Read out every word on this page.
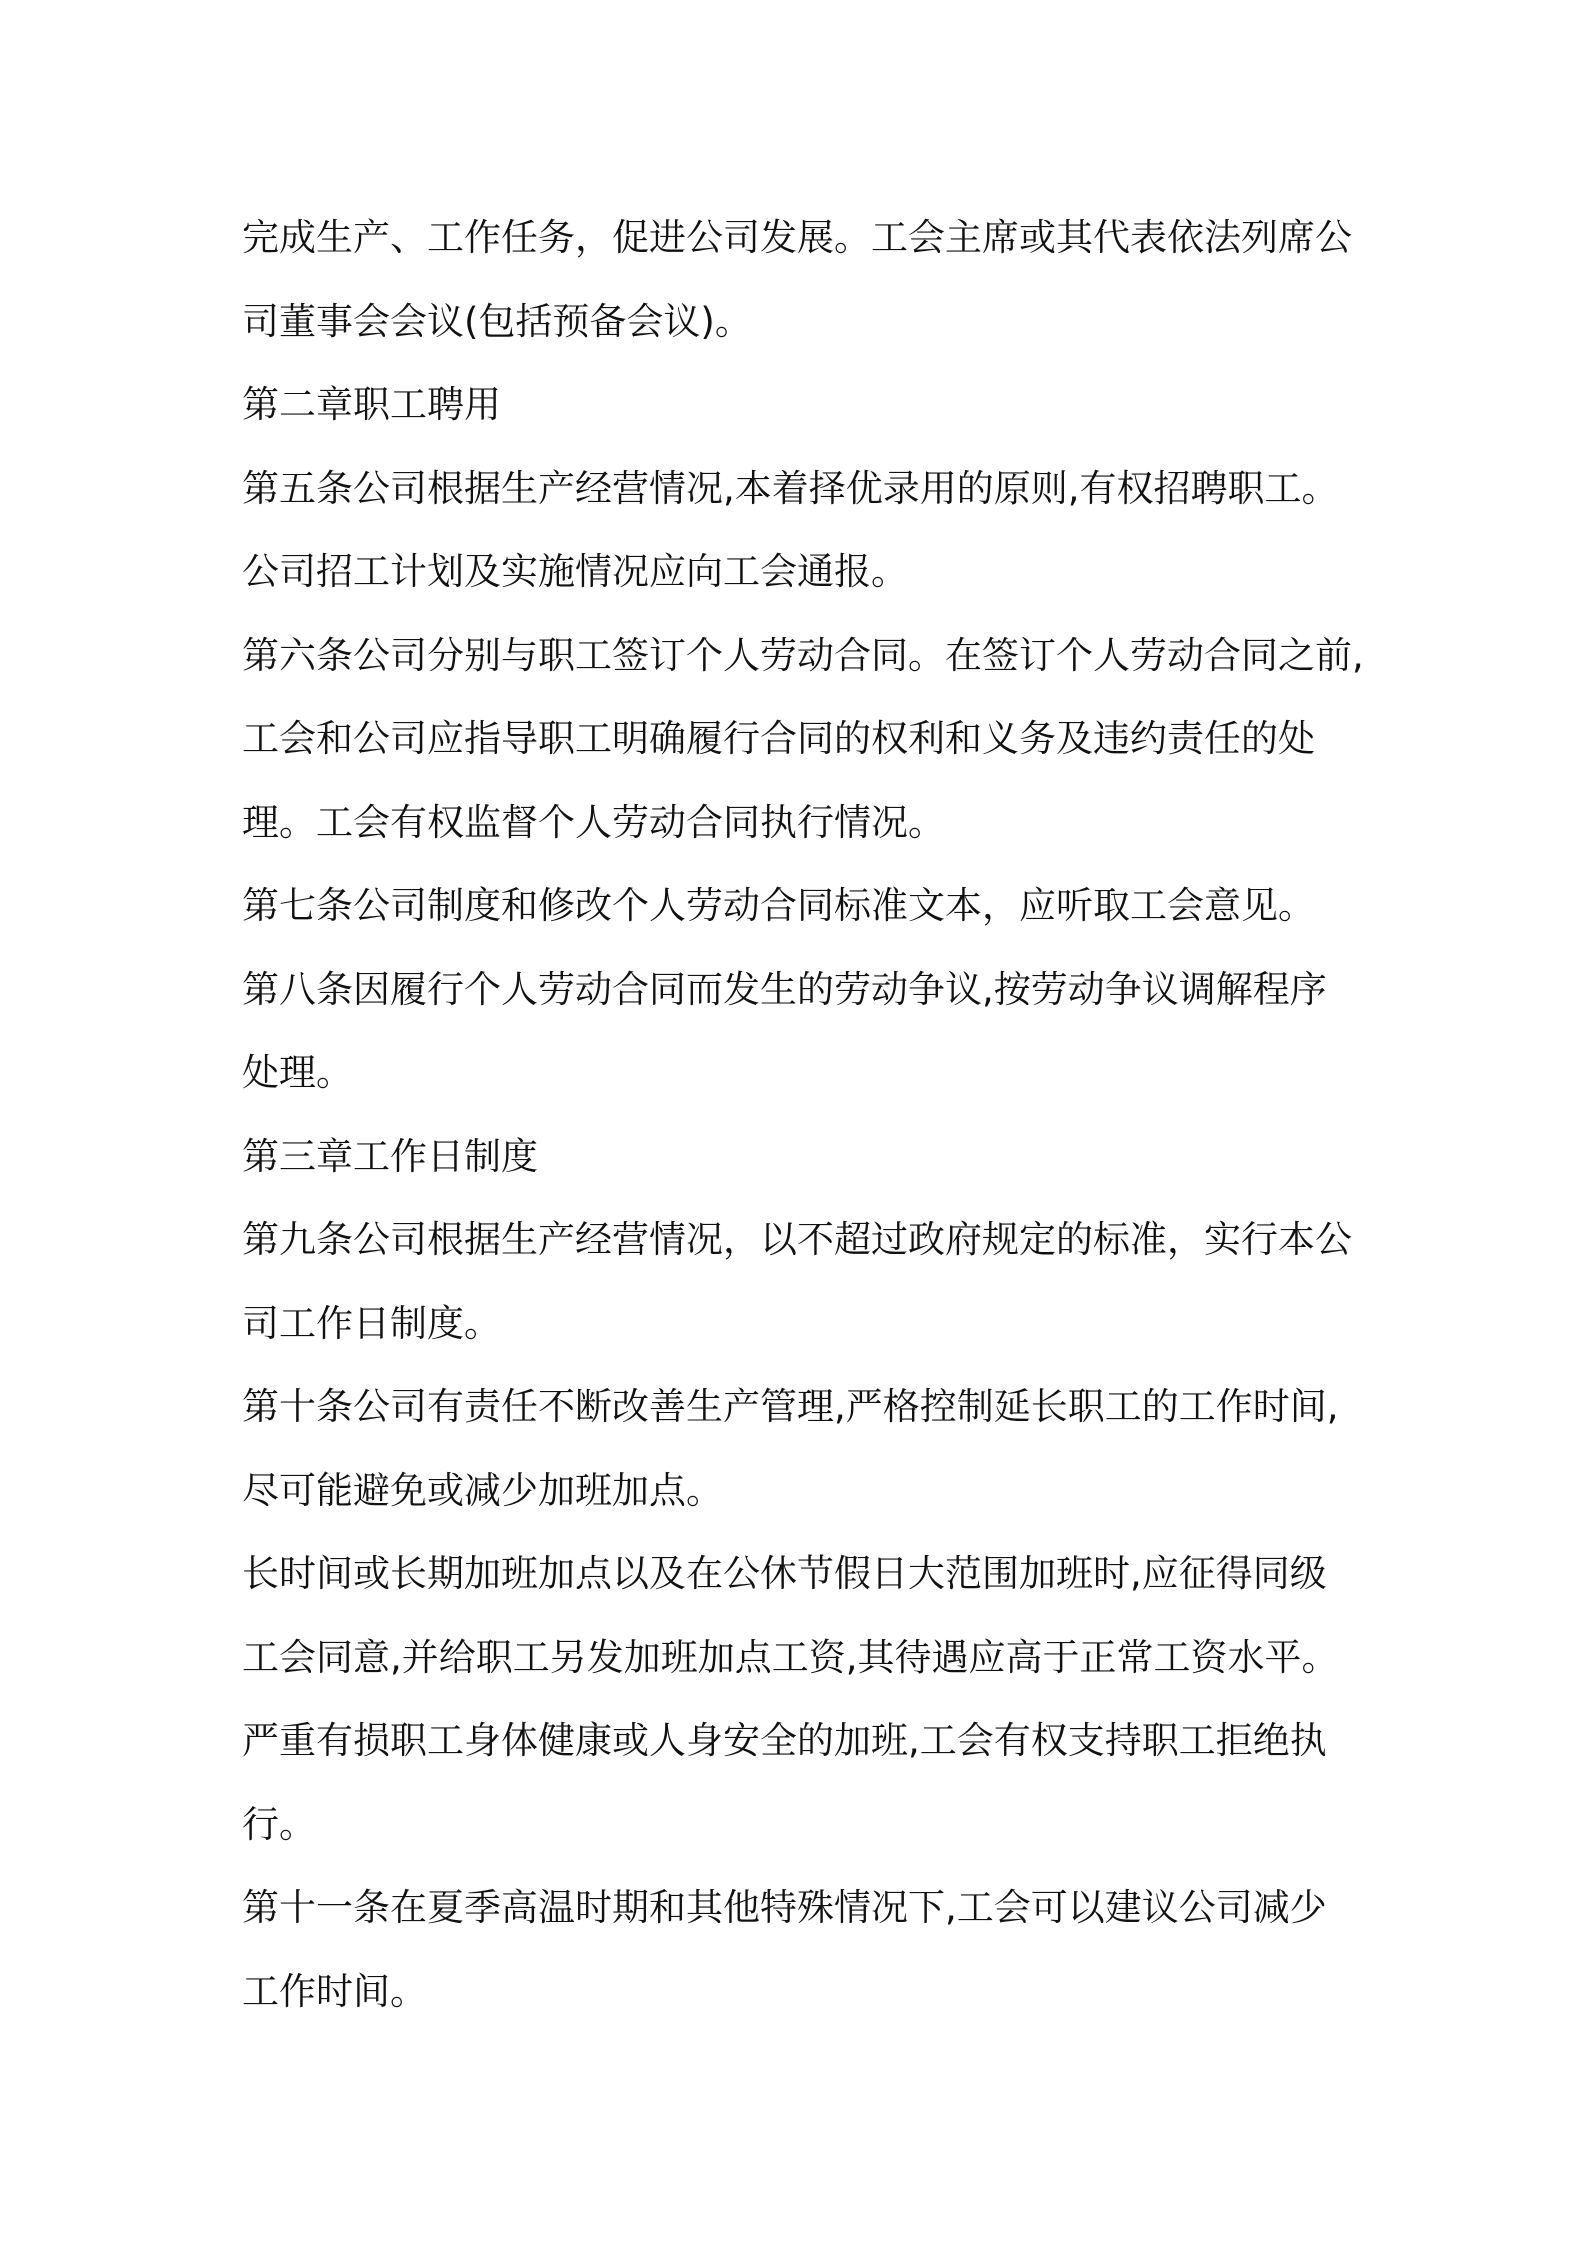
完成生产、工作任务，促进公司发展。工会主席或其代表依法列席公
司董事会会议(包括预备会议)。
第二章职工聘用
第五条公司根据生产经营情况,本着择优录用的原则,有权招聘职工。
公司招工计划及实施情况应向工会通报。
第六条公司分别与职工签订个人劳动合同。在签订个人劳动合同之前,
工会和公司应指导职工明确履行合同的权利和义务及违约责任的处
理。工会有权监督个人劳动合同执行情况。
第七条公司制度和修改个人劳动合同标准文本，应听取工会意见。
第八条因履行个人劳动合同而发生的劳动争议,按劳动争议调解程序
处理。
第三章工作日制度
第九条公司根据生产经营情况，以不超过政府规定的标准，实行本公
司工作日制度。
第十条公司有责任不断改善生产管理,严格控制延长职工的工作时间,
尽可能避免或减少加班加点。
长时间或长期加班加点以及在公休节假日大范围加班时,应征得同级
工会同意,并给职工另发加班加点工资,其待遇应高于正常工资水平。
严重有损职工身体健康或人身安全的加班,工会有权支持职工拒绝执
行。
第十一条在夏季高温时期和其他特殊情况下,工会可以建议公司减少
工作时间。
